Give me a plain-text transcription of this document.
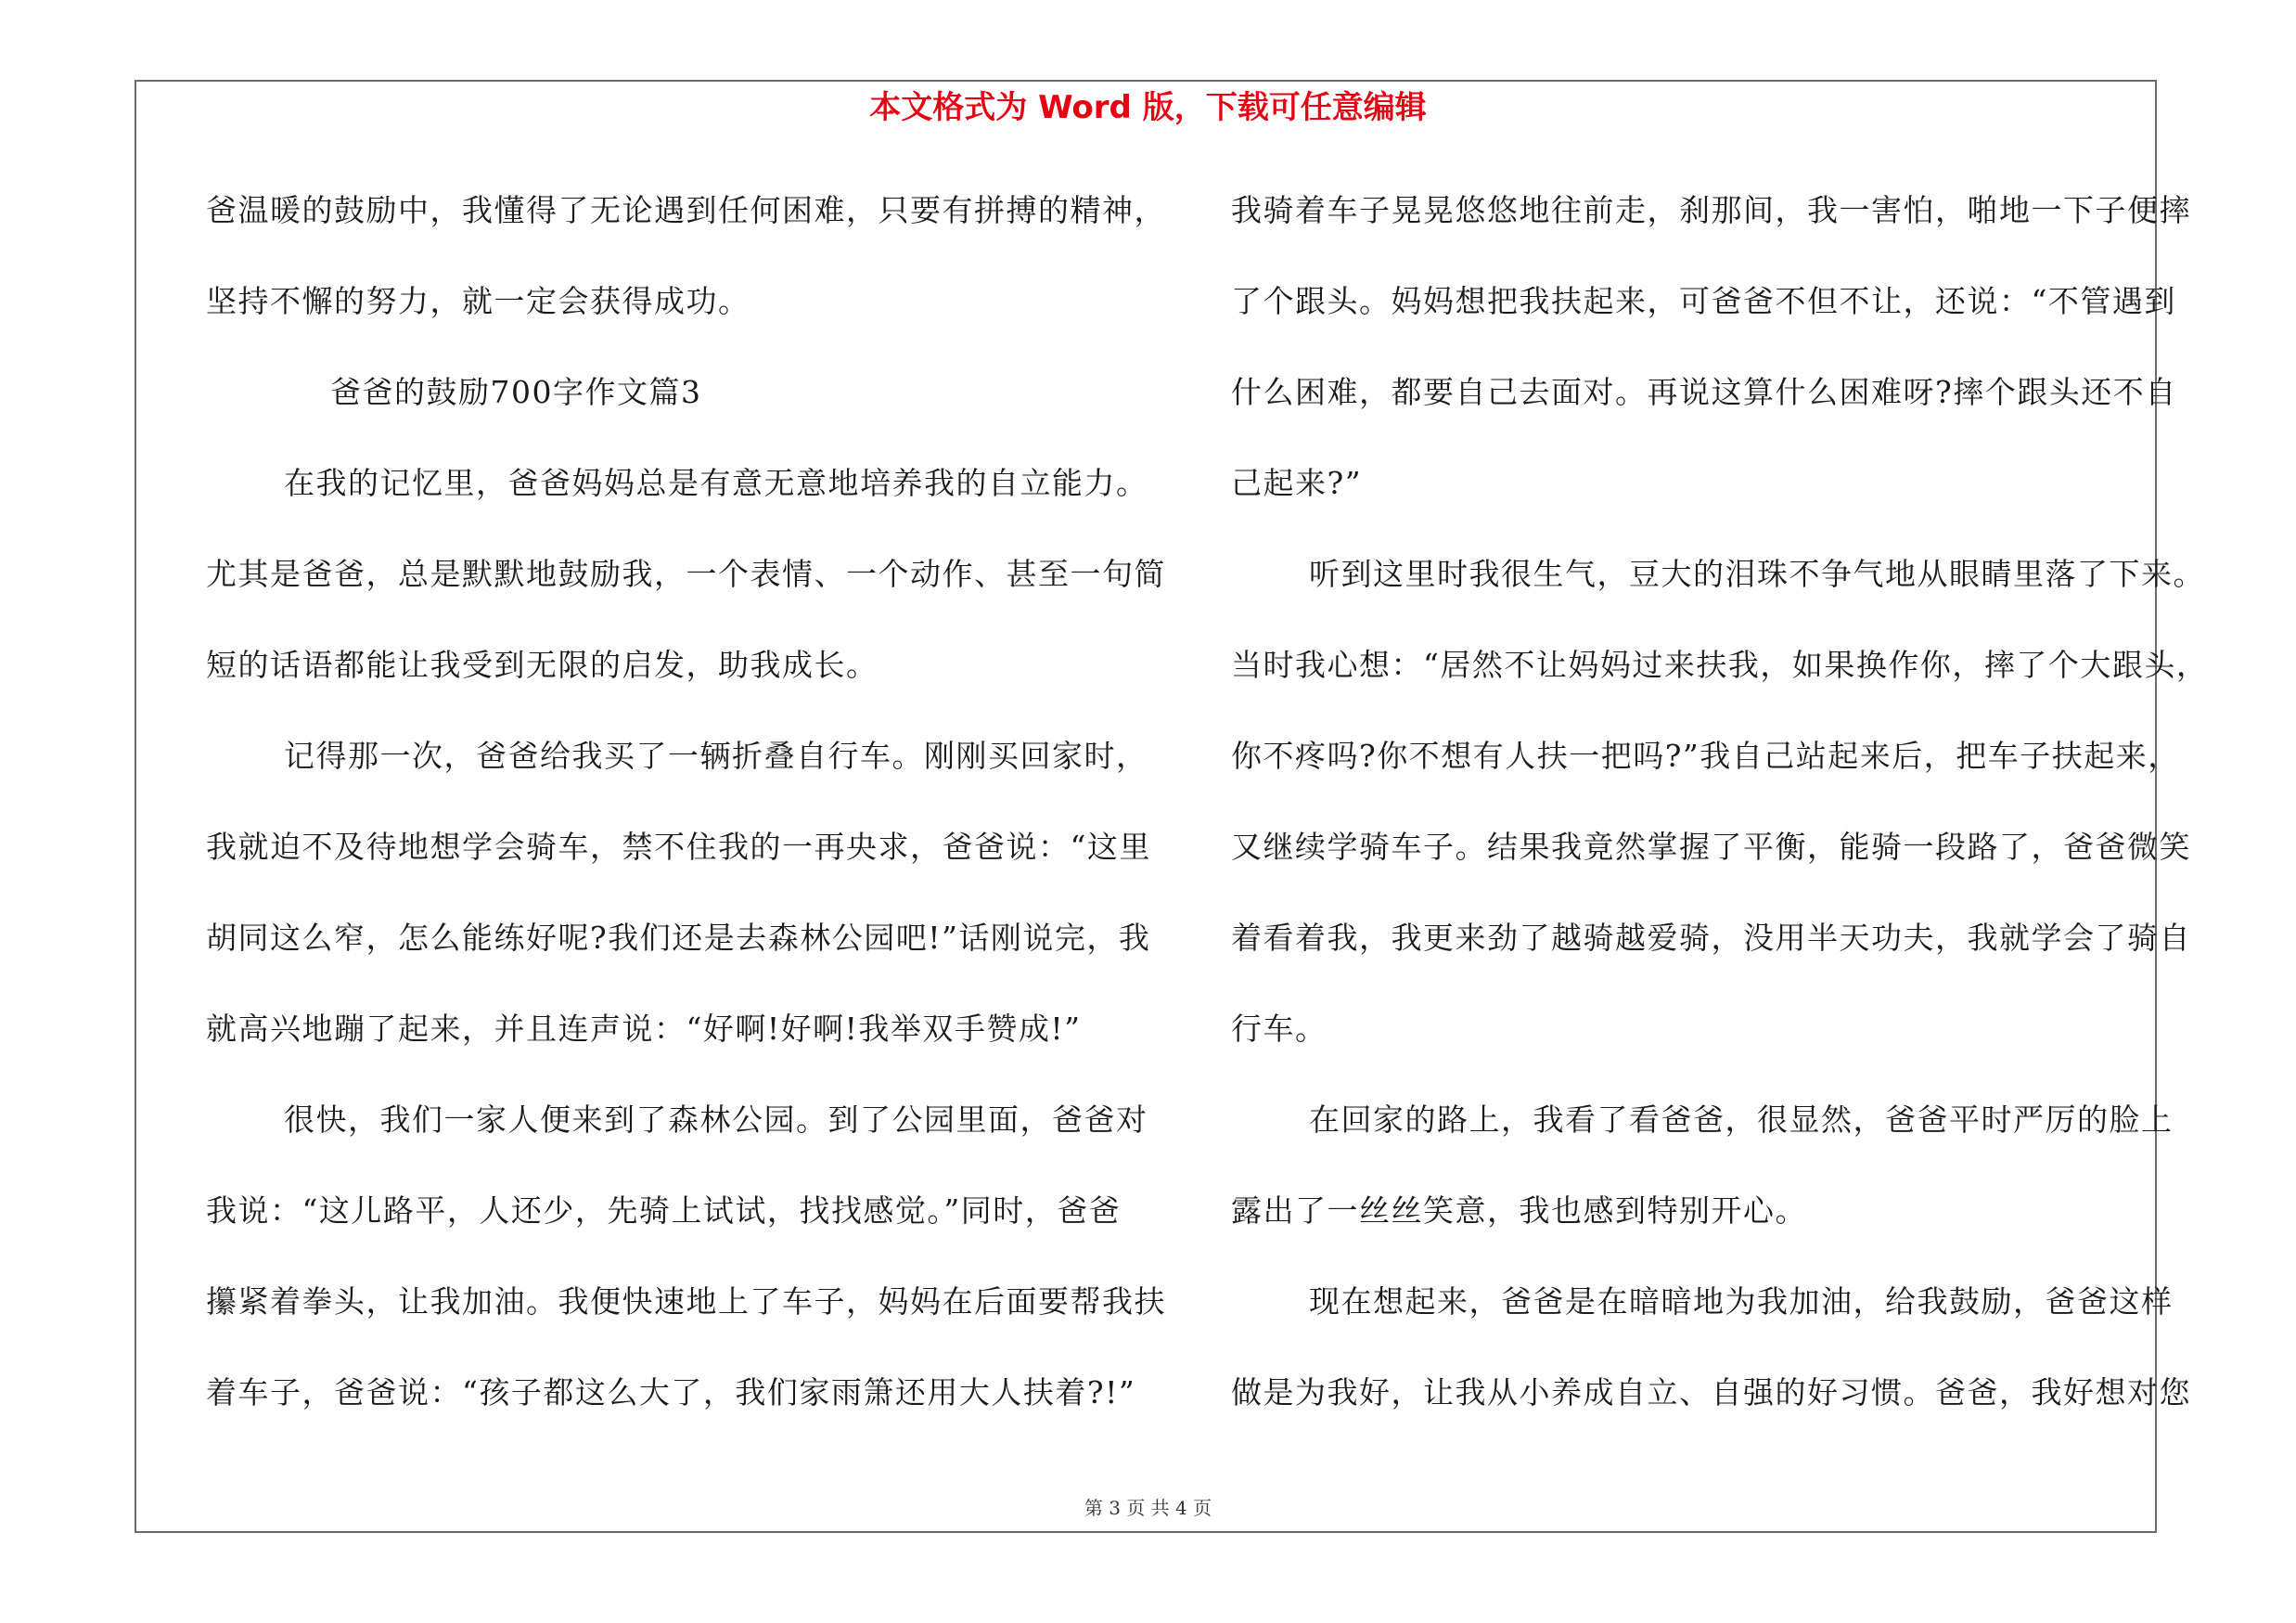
本文格式为 Word 版，下载可任意编辑
爸温暖的鼓励中，我懂得了无论遇到任何困难，只要有拼搏的精神，
坚持不懈的努力，就一定会获得成功。
爸爸的鼓励700字作文篇3
在我的记忆里，爸爸妈妈总是有意无意地培养我的自立能力。
尤其是爸爸，总是默默地鼓励我，一个表情、一个动作、甚至一句简
短的话语都能让我受到无限的启发，助我成长。
记得那一次，爸爸给我买了一辆折叠自行车。刚刚买回家时，
我就迫不及待地想学会骑车，禁不住我的一再央求，爸爸说：“这里
胡同这么窄，怎么能练好呢?我们还是去森林公园吧!”话刚说完，我
就高兴地蹦了起来，并且连声说：“好啊!好啊!我举双手赞成!”
很快，我们一家人便来到了森林公园。到了公园里面，爸爸对
我说：“这儿路平，人还少，先骑上试试，找找感觉。”同时，爸爸
攥紧着拳头，让我加油。我便快速地上了车子，妈妈在后面要帮我扶
着车子，爸爸说：“孩子都这么大了，我们家雨箫还用大人扶着?!”
我骑着车子晃晃悠悠地往前走，刹那间，我一害怕，啪地一下子便摔
了个跟头。妈妈想把我扶起来，可爸爸不但不让，还说：“不管遇到
什么困难，都要自己去面对。再说这算什么困难呀?摔个跟头还不自
己起来?”
听到这里时我很生气，豆大的泪珠不争气地从眼睛里落了下来。
当时我心想：“居然不让妈妈过来扶我，如果换作你，摔了个大跟头，
你不疼吗?你不想有人扶一把吗?”我自己站起来后，把车子扶起来，
又继续学骑车子。结果我竟然掌握了平衡，能骑一段路了，爸爸微笑
着看着我，我更来劲了越骑越爱骑，没用半天功夫，我就学会了骑自
行车。
在回家的路上，我看了看爸爸，很显然，爸爸平时严厉的脸上
露出了一丝丝笑意，我也感到特别开心。
现在想起来，爸爸是在暗暗地为我加油，给我鼓励，爸爸这样
做是为我好，让我从小养成自立、自强的好习惯。爸爸，我好想对您
第 3 页 共 4 页
